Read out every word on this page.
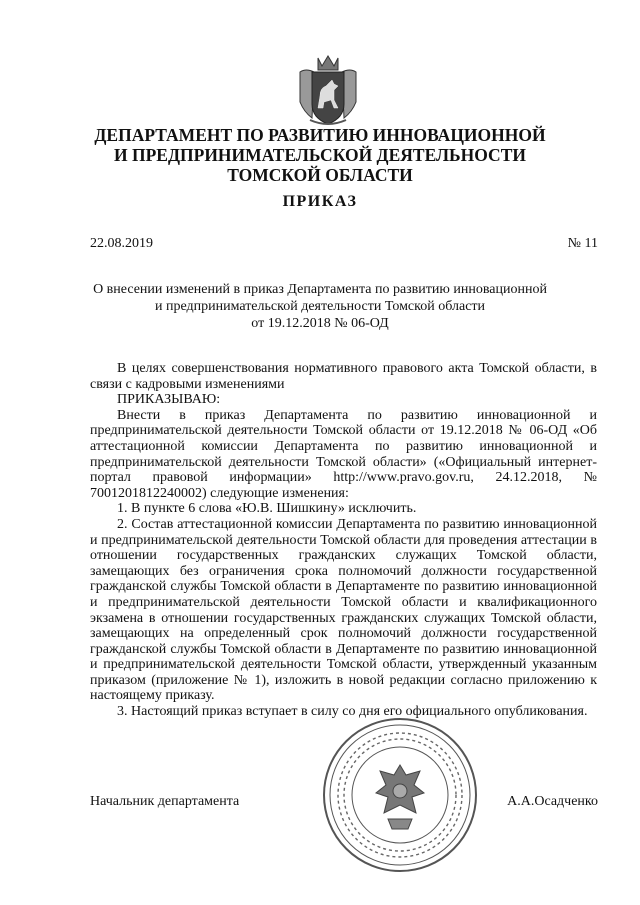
ДЕПАРТАМЕНТ ПО РАЗВИТИЮ ИННОВАЦИОННОЙ
И ПРЕДПРИНИМАТЕЛЬСКОЙ ДЕЯТЕЛЬНОСТИ
ТОМСКОЙ ОБЛАСТИ
ПРИКАЗ
22.08.2019	№ 11
О внесении изменений в приказ Департамента по развитию инновационной
и предпринимательской деятельности Томской области
от 19.12.2018 № 06-ОД

В целях совершенствования нормативного правового акта Томской области, в связи с кадровыми изменениями

ПРИКАЗЫВАЮ:

Внести в приказ Департамента по развитию инновационной и предпринимательской деятельности Томской области от 19.12.2018 № 06-ОД «Об аттестационной комиссии Департамента по развитию инновационной и предпринимательской деятельности Томской области» («Официальный интернет-портал правовой информации» http://www.pravo.gov.ru, 24.12.2018, № 7001201812240002) следующие изменения:

1. В пункте 6 слова «Ю.В. Шишкину» исключить.

2. Состав аттестационной комиссии Департамента по развитию инновационной и предпринимательской деятельности Томской области для проведения аттестации в отношении государственных гражданских служащих Томской области, замещающих без ограничения срока полномочий должности государственной гражданской службы Томской области в Департаменте по развитию инновационной и предпринимательской деятельности Томской области и квалификационного экзамена в отношении государственных гражданских служащих Томской области, замещающих на определенный срок полномочий должности государственной гражданской службы Томской области в Департаменте по развитию инновационной и предпринимательской деятельности Томской области, утвержденный указанным приказом (приложение № 1), изложить в новой редакции согласно приложению к настоящему приказу.

3. Настоящий приказ вступает в силу со дня его официального опубликования.

Начальник департамента	А.А.Осадченко
